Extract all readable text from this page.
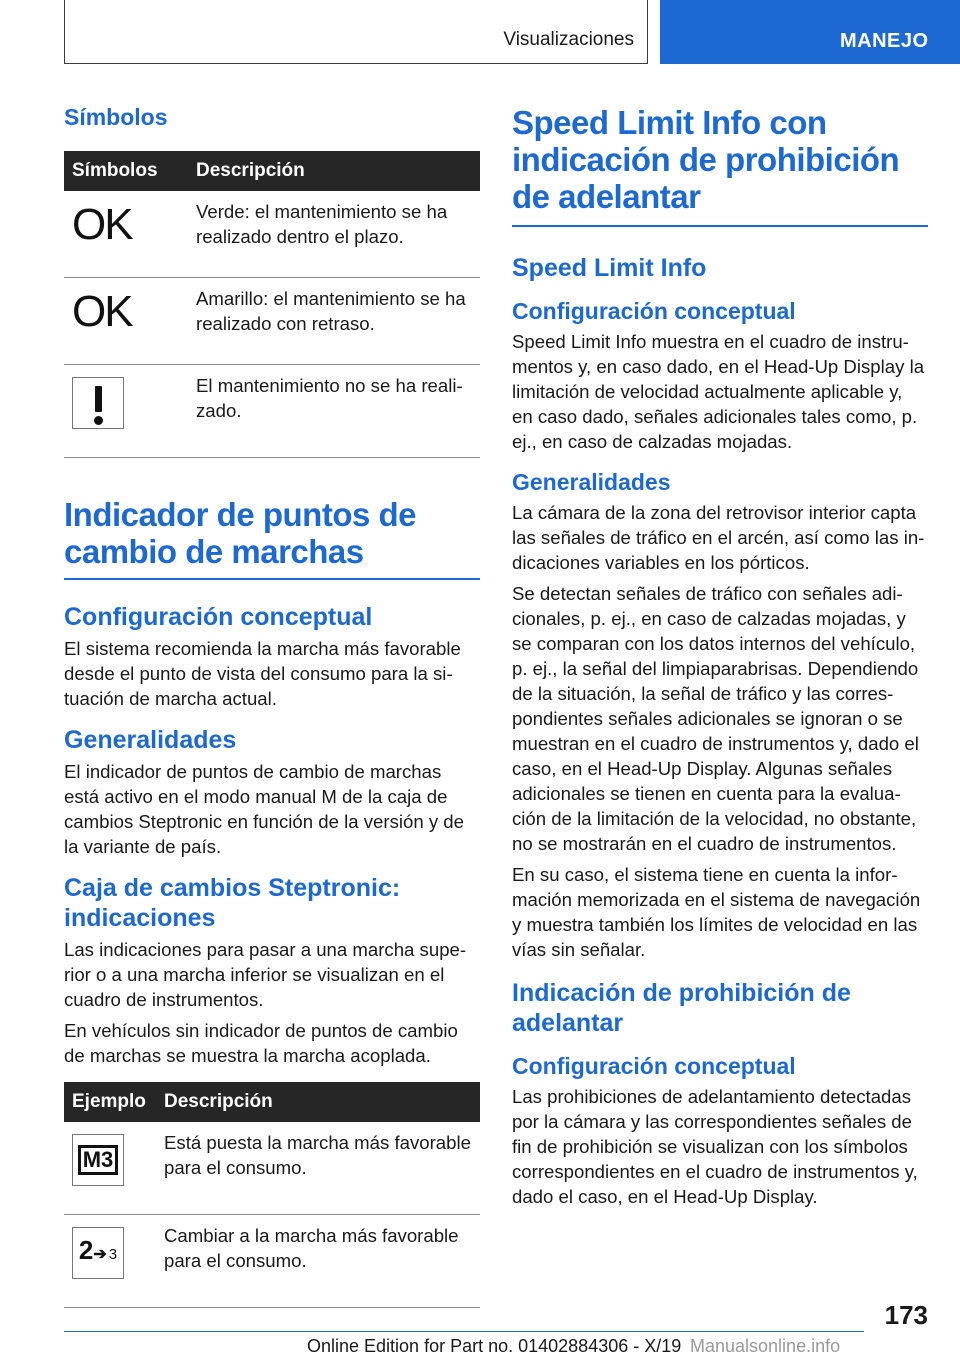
Visualizaciones	MANEJO
Símbolos
Símbolos	Descripción
OK	Verde: el mantenimiento se ha realizado dentro el plazo.
OK	Amarillo: el mantenimiento se ha realizado con retraso.

	El mantenimiento no se ha reali‐zado.
Indicador de puntos de cambio de marchas
Configuración conceptual

El sistema recomienda la marcha más favorable desde el punto de vista del consumo para la si‐tuación de marcha actual.

Generalidades

El indicador de puntos de cambio de marchas está activo en el modo manual M de la caja de cambios Steptronic en función de la versión y de la variante de país.

Caja de cambios Steptronic: indicaciones

Las indicaciones para pasar a una marcha supe‐rior o a una marcha inferior se visualizan en el cuadro de instrumentos.

En vehículos sin indicador de puntos de cambio de marchas se muestra la marcha acoplada.

Ejemplo	Descripción

M3	Está puesta la marcha más favorable para el consumo.

2➔ 3	Cambiar a la marcha más favorable para el consumo.
Speed Limit Info con indicación de prohibición de adelantar
Speed Limit Info
Configuración conceptual

Speed Limit Info muestra en el cuadro de instru‐mentos y, en caso dado, en el Head-Up Display la limitación de velocidad actualmente aplicable y, en caso dado, señales adicionales tales como, p. ej., en caso de calzadas mojadas.

Generalidades

La cámara de la zona del retrovisor interior capta las señales de tráfico en el arcén, así como las in‐dicaciones variables en los pórticos.

Se detectan señales de tráfico con señales adi‐cionales, p. ej., en caso de calzadas mojadas, y se comparan con los datos internos del vehículo, p. ej., la señal del limpiaparabrisas. Dependiendo de la situación, la señal de tráfico y las corres‐pondientes señales adicionales se ignoran o se muestran en el cuadro de instrumentos y, dado el caso, en el Head-Up Display. Algunas señales adicionales se tienen en cuenta para la evalua‐ción de la limitación de la velocidad, no obstante, no se mostrarán en el cuadro de instrumentos.

En su caso, el sistema tiene en cuenta la infor‐mación memorizada en el sistema de navegación y muestra también los límites de velocidad en las vías sin señalar.

Indicación de prohibición de adelantar
Configuración conceptual

Las prohibiciones de adelantamiento detectadas por la cámara y las correspondientes señales de fin de prohibición se visualizan con los símbolos correspondientes en el cuadro de instrumentos y, dado el caso, en el Head-Up Display.

173
Online Edition for Part no. 01402884306 - X/19 Manualsonline.info
